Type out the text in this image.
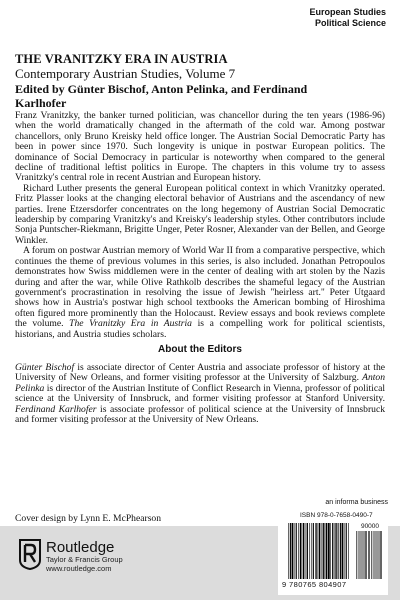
European Studies
Political Science
THE VRANITZKY ERA IN AUSTRIA
Contemporary Austrian Studies, Volume 7
Edited by Günter Bischof, Anton Pelinka, and Ferdinand Karlhofer

Franz Vranitzky, the banker turned politician, was chancellor during the ten years (1986-96) when the world dramatically changed in the aftermath of the cold war. Among postwar chancellors, only Bruno Kreisky held office longer. The Austrian Social Democratic Party has been in power since 1970. Such longevity is unique in postwar European politics. The dominance of Social Democracy in particular is noteworthy when compared to the general decline of traditional leftist politics in Europe. The chapters in this volume try to assess Vranitzky's central role in recent Austrian and European history.

Richard Luther presents the general European political context in which Vranitzky operated. Fritz Plasser looks at the changing electoral behavior of Austrians and the ascendancy of new parties. Irene Etzersdorfer concentrates on the long hegemony of Austrian Social Democratic leadership by comparing Vranitzky's and Kreisky's leadership styles. Other contributors include Sonja Puntscher-Riekmann, Brigitte Unger, Peter Rosner, Alexander van der Bellen, and George Winkler.

A forum on postwar Austrian memory of World War II from a comparative perspective, which continues the theme of previous volumes in this series, is also included. Jonathan Petropoulos demonstrates how Swiss middlemen were in the center of dealing with art stolen by the Nazis during and after the war, while Olive Rathkolb describes the shameful legacy of the Austrian government's procrastination in resolving the issue of Jewish "heirless art." Peter Utgaard shows how in Austria's postwar high school textbooks the American bombing of Hiroshima often figured more prominently than the Holocaust. Review essays and book reviews complete the volume. The Vranitzky Era in Austria is a compelling work for political scientists, historians, and Austria studies scholars.

About the Editors

Günter Bischof is associate director of Center Austria and associate professor of history at the University of New Orleans, and former visiting professor at the University of Salzburg. Anton Pelinka is director of the Austrian Institute of Conflict Research in Vienna, professor of political science at the University of Innsbruck, and former visiting professor at Stanford University. Ferdinand Karlhofer is associate professor of political science at the University of Innsbruck and former visiting professor at the University of New Orleans.

Cover design by Lynn E. McPhearson
Routledge
Taylor & Francis Group
www.routledge.com
an informa business
ISBN 978-0-7658-0490-7
90000
9 780765 804907
